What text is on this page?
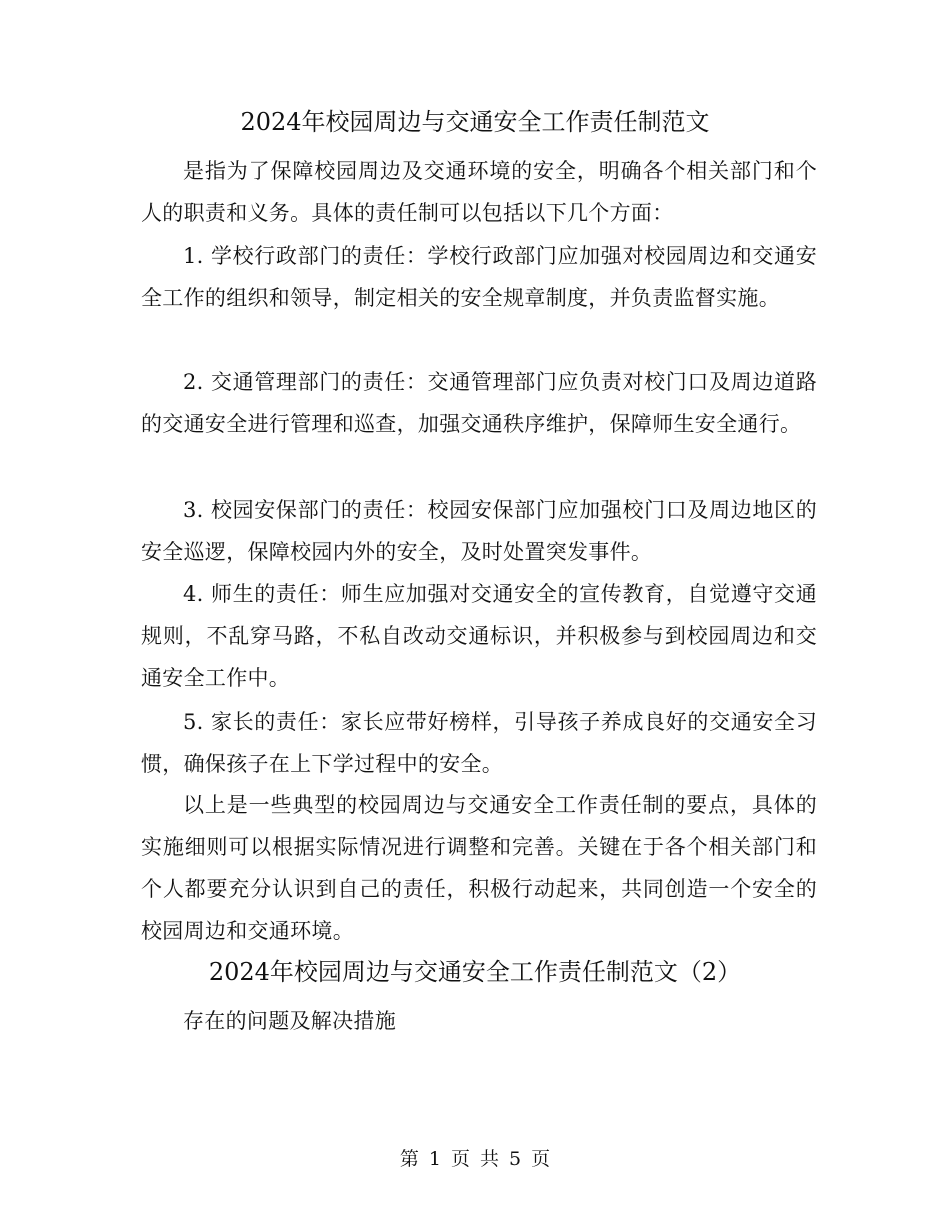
2024年校园周边与交通安全工作责任制范文

是指为了保障校园周边及交通环境的安全，明确各个相关部门和个人的职责和义务。具体的责任制可以包括以下几个方面：

1. 学校行政部门的责任：学校行政部门应加强对校园周边和交通安全工作的组织和领导，制定相关的安全规章制度，并负责监督实施。

2. 交通管理部门的责任：交通管理部门应负责对校门口及周边道路的交通安全进行管理和巡查，加强交通秩序维护，保障师生安全通行。

3. 校园安保部门的责任：校园安保部门应加强校门口及周边地区的安全巡逻，保障校园内外的安全，及时处置突发事件。

4. 师生的责任：师生应加强对交通安全的宣传教育，自觉遵守交通规则，不乱穿马路，不私自改动交通标识，并积极参与到校园周边和交通安全工作中。

5. 家长的责任：家长应带好榜样，引导孩子养成良好的交通安全习惯，确保孩子在上下学过程中的安全。

以上是一些典型的校园周边与交通安全工作责任制的要点，具体的实施细则可以根据实际情况进行调整和完善。关键在于各个相关部门和个人都要充分认识到自己的责任，积极行动起来，共同创造一个安全的校园周边和交通环境。

2024年校园周边与交通安全工作责任制范文（2）

存在的问题及解决措施

第 1 页 共 5 页
